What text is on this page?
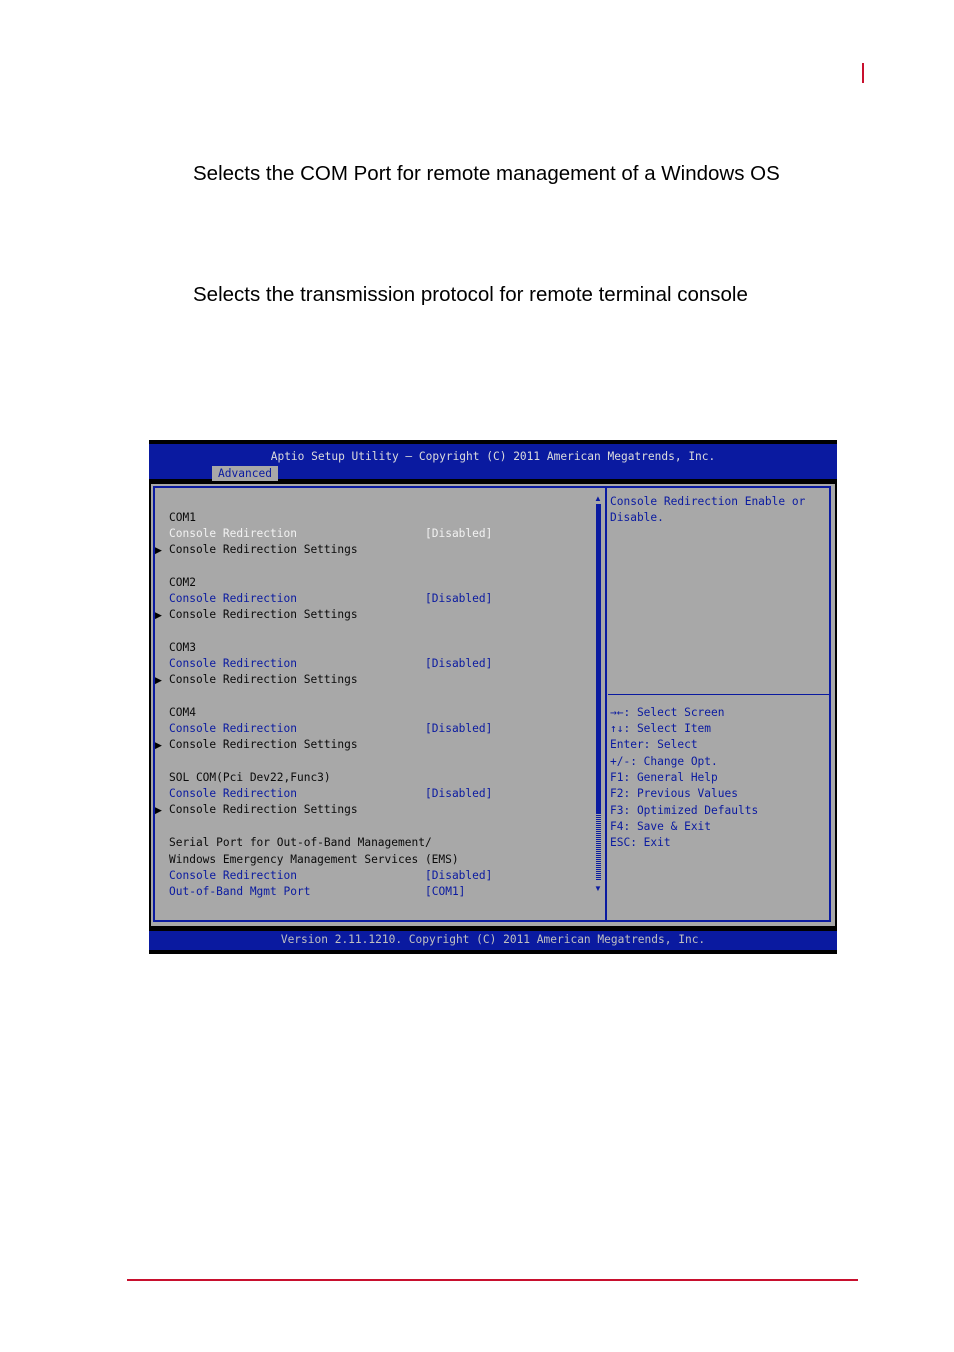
Selects the COM Port for remote management of a Windows OS

Selects the transmission protocol for remote terminal console

Aptio Setup Utility – Copyright (C) 2011 American Megatrends, Inc.
Advanced
COM1
Console Redirection	[Disabled]
▶ Console Redirection Settings
COM2
Console Redirection	[Disabled]
▶ Console Redirection Settings
COM3
Console Redirection	[Disabled]
▶ Console Redirection Settings
COM4
Console Redirection	[Disabled]
▶ Console Redirection Settings
SOL COM(Pci Dev22,Func3)
Console Redirection	[Disabled]
▶ Console Redirection Settings
Serial Port for Out-of-Band Management/
Windows Emergency Management Services (EMS)
Console Redirection	[Disabled]
Out-of-Band Mgmt Port	[COM1]
▲
▼
Console Redirection Enable or
Disable.
→←: Select Screen
↑↓: Select Item
Enter: Select
+/-: Change Opt.
F1: General Help
F2: Previous Values
F3: Optimized Defaults
F4: Save & Exit
ESC: Exit
Version 2.11.1210. Copyright (C) 2011 American Megatrends, Inc.
